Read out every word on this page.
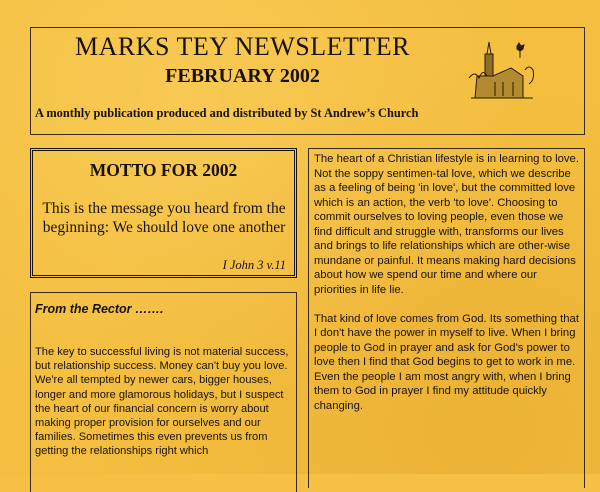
MARKS TEY NEWSLETTER
FEBRUARY 2002
A monthly publication produced and distributed by St Andrew’s Church
MOTTO FOR 2002
This is the message you heard from the beginning: We should love one another
I John 3 v.11
From the Rector …….
The key to successful living is not material success, but relationship success. Money can't buy you love. We're all tempted by newer cars, bigger houses, longer and more glamorous holidays, but I suspect the heart of our financial concern is worry about making proper provision for ourselves and our families. Sometimes this even prevents us from getting the relationships right which

The heart of a Christian lifestyle is in learning to love. Not the soppy sentimen-tal love, which we describe as a feeling of being 'in love', but the committed love which is an action, the verb 'to love'. Choosing to commit ourselves to loving people, even those we find difficult and struggle with, transforms our lives and brings to life relationships which are other-wise mundane or painful. It means making hard decisions about how we spend our time and where our priorities in life lie.

That kind of love comes from God. Its something that I don't have the power in myself to live. When I bring people to God in prayer and ask for God's power to love then I find that God begins to get to work in me. Even the people I am most angry with, when I bring them to God in prayer I find my attitude quickly changing.
